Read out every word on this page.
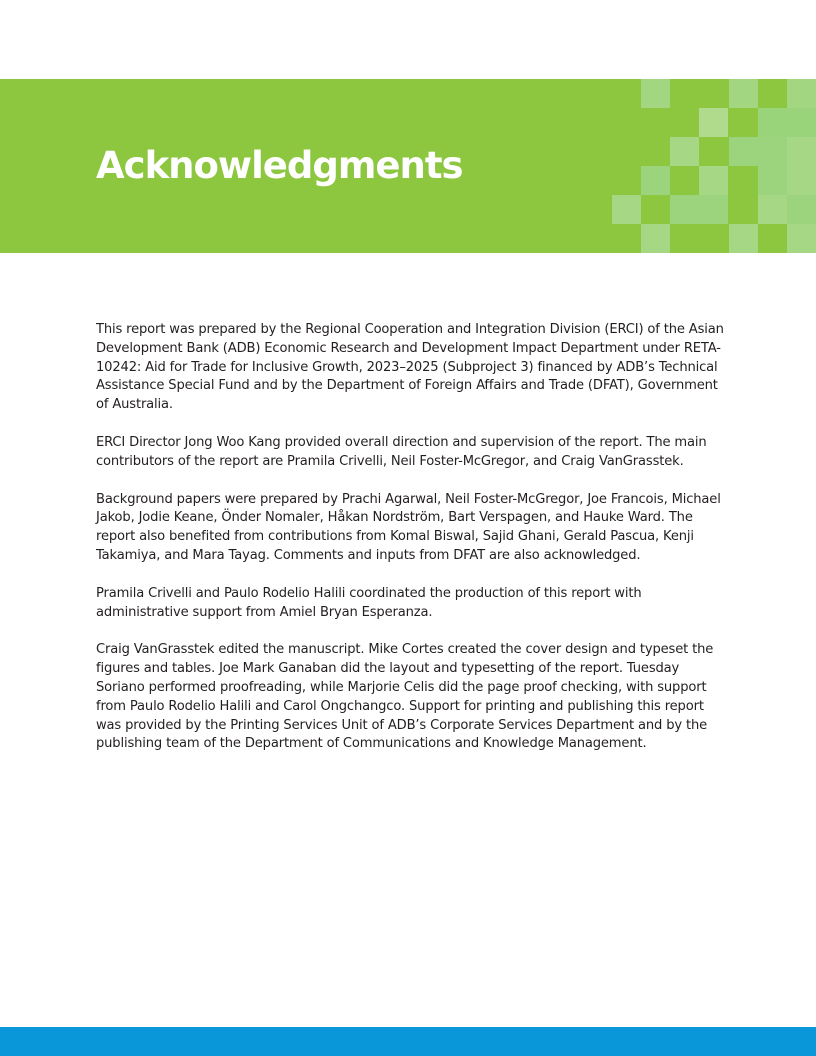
Acknowledgments

This report was prepared by the Regional Cooperation and Integration Division (ERCI) of the Asian Development Bank (ADB) Economic Research and Development Impact Department under RETA-10242: Aid for Trade for Inclusive Growth, 2023–2025 (Subproject 3) financed by ADB’s Technical Assistance Special Fund and by the Department of Foreign Affairs and Trade (DFAT), Government of Australia.

ERCI Director Jong Woo Kang provided overall direction and supervision of the report. The main contributors of the report are Pramila Crivelli, Neil Foster-McGregor, and Craig VanGrasstek.

Background papers were prepared by Prachi Agarwal, Neil Foster-McGregor, Joe Francois, Michael Jakob, Jodie Keane, Önder Nomaler, Håkan Nordström, Bart Verspagen, and Hauke Ward. The report also benefited from contributions from Komal Biswal, Sajid Ghani, Gerald Pascua, Kenji Takamiya, and Mara Tayag. Comments and inputs from DFAT are also acknowledged.

Pramila Crivelli and Paulo Rodelio Halili coordinated the production of this report with administrative support from Amiel Bryan Esperanza.

Craig VanGrasstek edited the manuscript. Mike Cortes created the cover design and typeset the figures and tables. Joe Mark Ganaban did the layout and typesetting of the report. Tuesday Soriano performed proofreading, while Marjorie Celis did the page proof checking, with support from Paulo Rodelio Halili and Carol Ongchangco. Support for printing and publishing this report was provided by the Printing Services Unit of ADB’s Corporate Services Department and by the publishing team of the Department of Communications and Knowledge Management.
